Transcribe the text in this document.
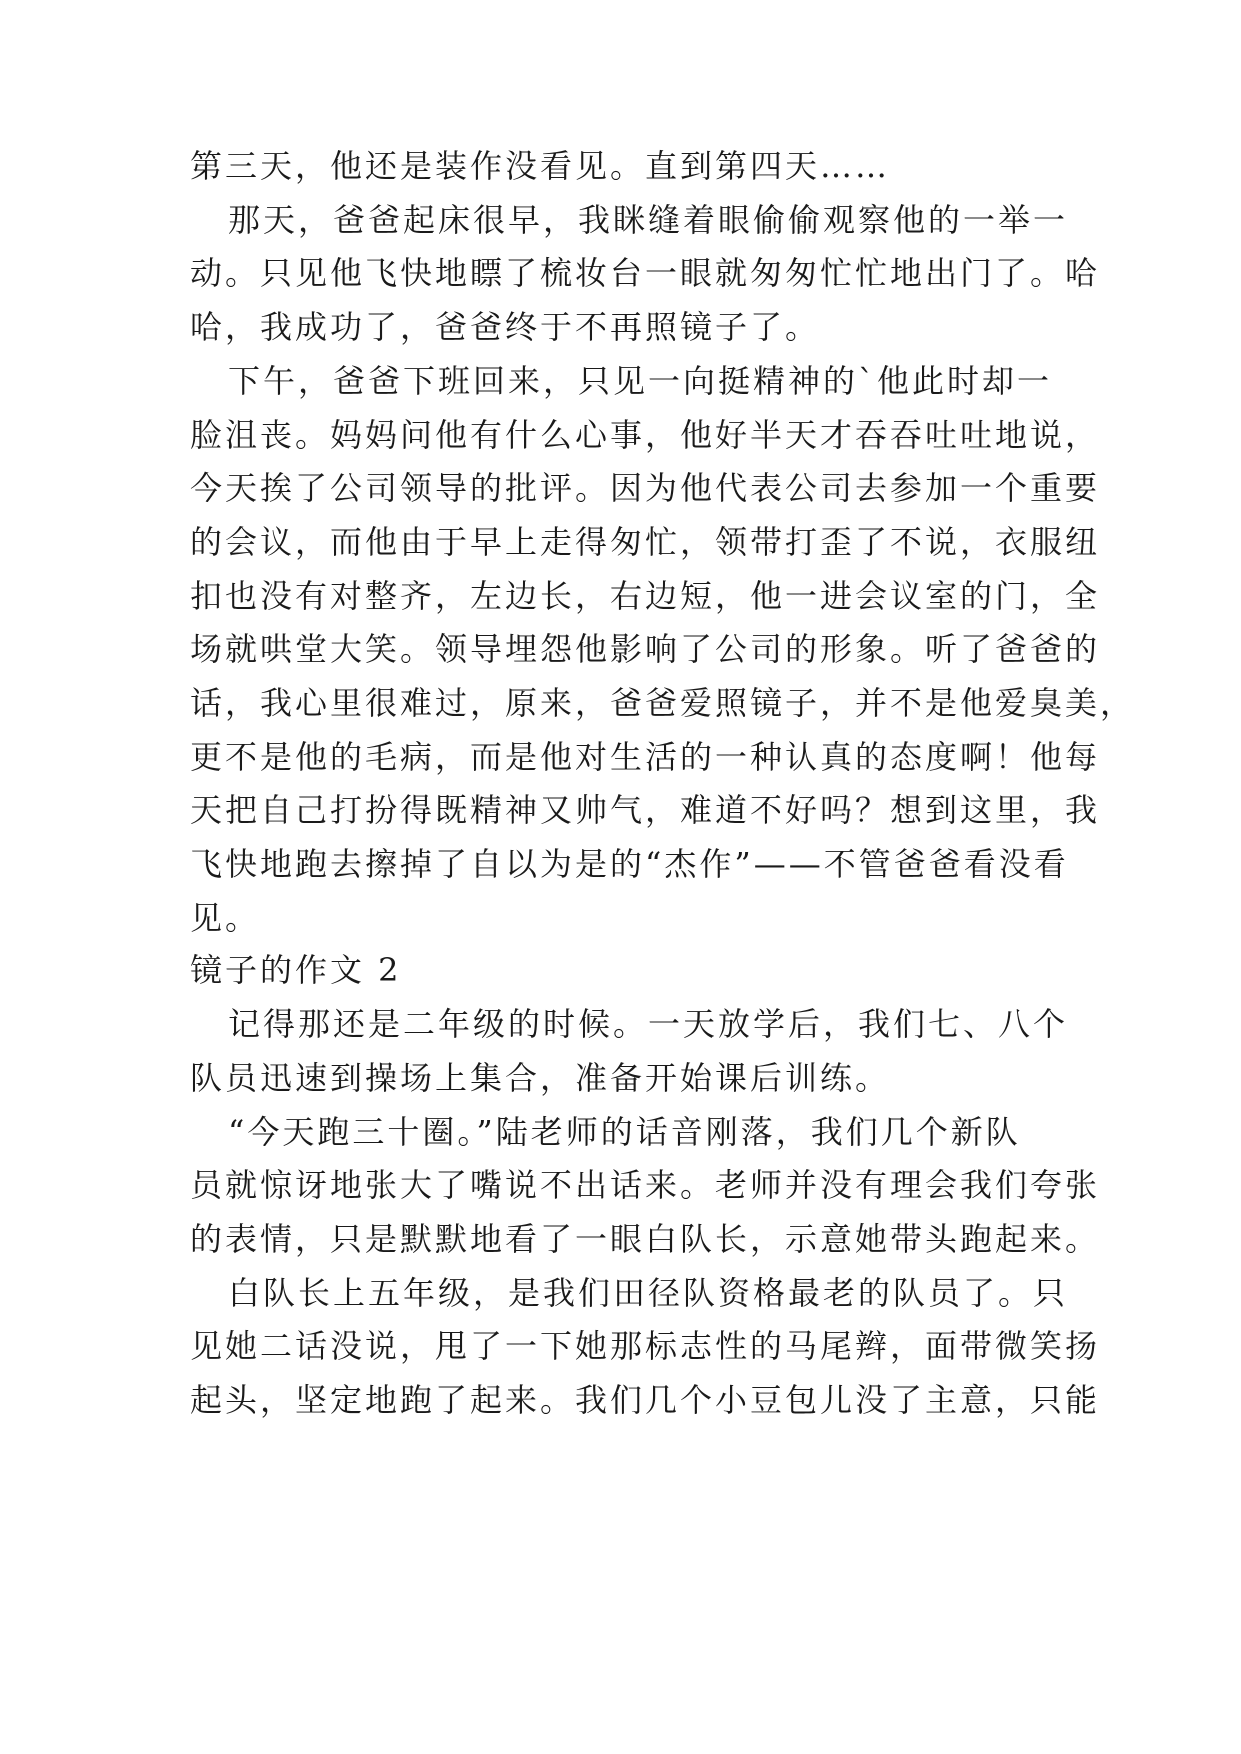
第三天，他还是装作没看见。直到第四天……
那天，爸爸起床很早，我眯缝着眼偷偷观察他的一举一
动。只见他飞快地瞟了梳妆台一眼就匆匆忙忙地出门了。哈
哈，我成功了，爸爸终于不再照镜子了。
下午，爸爸下班回来，只见一向挺精神的`他此时却一
脸沮丧。妈妈问他有什么心事，他好半天才吞吞吐吐地说，
今天挨了公司领导的批评。因为他代表公司去参加一个重要
的会议，而他由于早上走得匆忙，领带打歪了不说，衣服纽
扣也没有对整齐，左边长，右边短，他一进会议室的门，全
场就哄堂大笑。领导埋怨他影响了公司的形象。听了爸爸的
话，我心里很难过，原来，爸爸爱照镜子，并不是他爱臭美，
更不是他的毛病，而是他对生活的一种认真的态度啊！他每
天把自己打扮得既精神又帅气，难道不好吗？想到这里，我
飞快地跑去擦掉了自以为是的“杰作”——不管爸爸看没看
见。
镜子的作文 2
记得那还是二年级的时候。一天放学后，我们七、八个
队员迅速到操场上集合，准备开始课后训练。
“今天跑三十圈。”陆老师的话音刚落，我们几个新队
员就惊讶地张大了嘴说不出话来。老师并没有理会我们夸张
的表情，只是默默地看了一眼白队长，示意她带头跑起来。
白队长上五年级，是我们田径队资格最老的队员了。只
见她二话没说，甩了一下她那标志性的马尾辫，面带微笑扬
起头，坚定地跑了起来。我们几个小豆包儿没了主意，只能
